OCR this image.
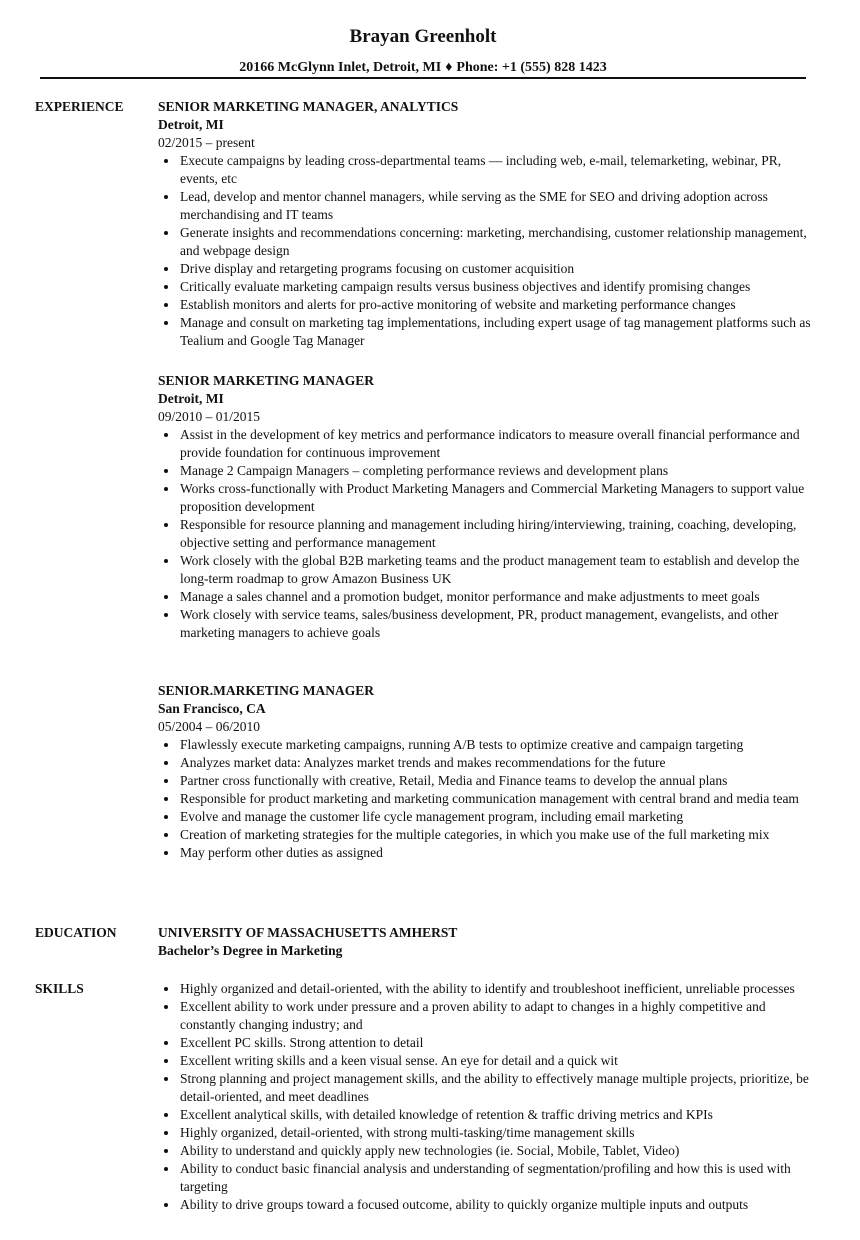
Brayan Greenholt
20166 McGlynn Inlet, Detroit, MI ♦ Phone: +1 (555) 828 1423
EXPERIENCE	SENIOR MARKETING MANAGER, ANALYTICS
Detroit, MI
02/2015 – present
Execute campaigns by leading cross-departmental teams — including web, e-mail, telemarketing, webinar, PR, events, etc
Lead, develop and mentor channel managers, while serving as the SME for SEO and driving adoption across merchandising and IT teams
Generate insights and recommendations concerning: marketing, merchandising, customer relationship management, and webpage design
Drive display and retargeting programs focusing on customer acquisition
Critically evaluate marketing campaign results versus business objectives and identify promising changes
Establish monitors and alerts for pro-active monitoring of website and marketing performance changes
Manage and consult on marketing tag implementations, including expert usage of tag management platforms such as Tealium and Google Tag Manager
SENIOR MARKETING MANAGER
Detroit, MI
09/2010 – 01/2015
Assist in the development of key metrics and performance indicators to measure overall financial performance and provide foundation for continuous improvement
Manage 2 Campaign Managers – completing performance reviews and development plans
Works cross-functionally with Product Marketing Managers and Commercial Marketing Managers to support value proposition development
Responsible for resource planning and management including hiring/interviewing, training, coaching, developing, objective setting and performance management
Work closely with the global B2B marketing teams and the product management team to establish and develop the long-term roadmap to grow Amazon Business UK
Manage a sales channel and a promotion budget, monitor performance and make adjustments to meet goals
Work closely with service teams, sales/business development, PR, product management, evangelists, and other marketing managers to achieve goals
SENIOR.MARKETING MANAGER
San Francisco, CA
05/2004 – 06/2010
Flawlessly execute marketing campaigns, running A/B tests to optimize creative and campaign targeting
Analyzes market data: Analyzes market trends and makes recommendations for the future
Partner cross functionally with creative, Retail, Media and Finance teams to develop the annual plans
Responsible for product marketing and marketing communication management with central brand and media team
Evolve and manage the customer life cycle management program, including email marketing
Creation of marketing strategies for the multiple categories, in which you make use of the full marketing mix
May perform other duties as assigned
EDUCATION	UNIVERSITY OF MASSACHUSETTS AMHERST
Bachelor’s Degree in Marketing
SKILLS	Highly organized and detail-oriented, with the ability to identify and troubleshoot inefficient, unreliable processes
Excellent ability to work under pressure and a proven ability to adapt to changes in a highly competitive and constantly changing industry; and
Excellent PC skills. Strong attention to detail
Excellent writing skills and a keen visual sense. An eye for detail and a quick wit
Strong planning and project management skills, and the ability to effectively manage multiple projects, prioritize, be detail-oriented, and meet deadlines
Excellent analytical skills, with detailed knowledge of retention & traffic driving metrics and KPIs
Highly organized, detail-oriented, with strong multi-tasking/time management skills
Ability to understand and quickly apply new technologies (ie. Social, Mobile, Tablet, Video)
Ability to conduct basic financial analysis and understanding of segmentation/profiling and how this is used with targeting
Ability to drive groups toward a focused outcome, ability to quickly organize multiple inputs and outputs
